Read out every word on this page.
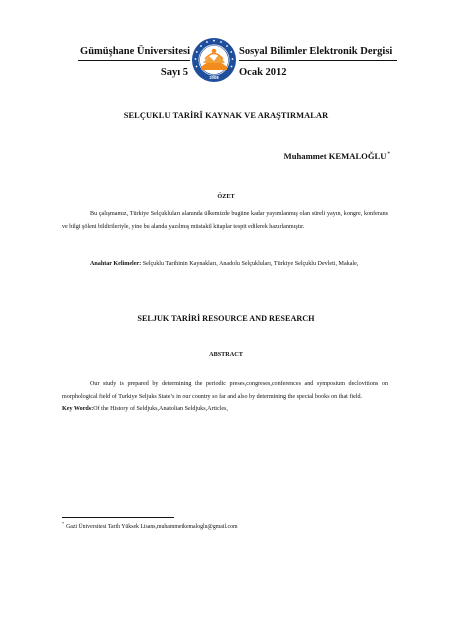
Gümüşhane Üniversitesi
Sayı 5	2008
Sosyal Bilimler Elektronik Dergisi
Ocak 2012
SELÇUKLU TARİRÎ KAYNAK VE ARAŞTIRMALAR
Muhammet KEMALOĞLU*
ÖZET
Bu çalışmamız, Türkiye Selçukluları alanında ülkemizde bugüne kadar yayımlanmış olan süreli yayın, kongre, konferans ve bilgi şöleni bildirileriyle, yine bu alanda yazılmış müstakil kitaplar tespit edilerek hazırlanmıştır.
Anahtar Kelimeler: Selçuklu Tarihinin Kaynakları, Anadolu Selçukluları, Türkiye Selçuklu Devleti, Makale,
SELJUK TARİRİ RESOURCE AND RESEARCH
ABSTRACT
Our study is prepared by determining the periodic preses,congreses,conferences and symposium declovitions on morphological field of Turkiye Seljuks State’s in our country so far and also by determining the special books on that field.
Key Words:Of the History of Seldjuks,Anatolian Seldjuks,Articles,
*Gazi Üniversitesi Tarih Yüksek Lisans,muhammetkemaloglu@gmail.com
